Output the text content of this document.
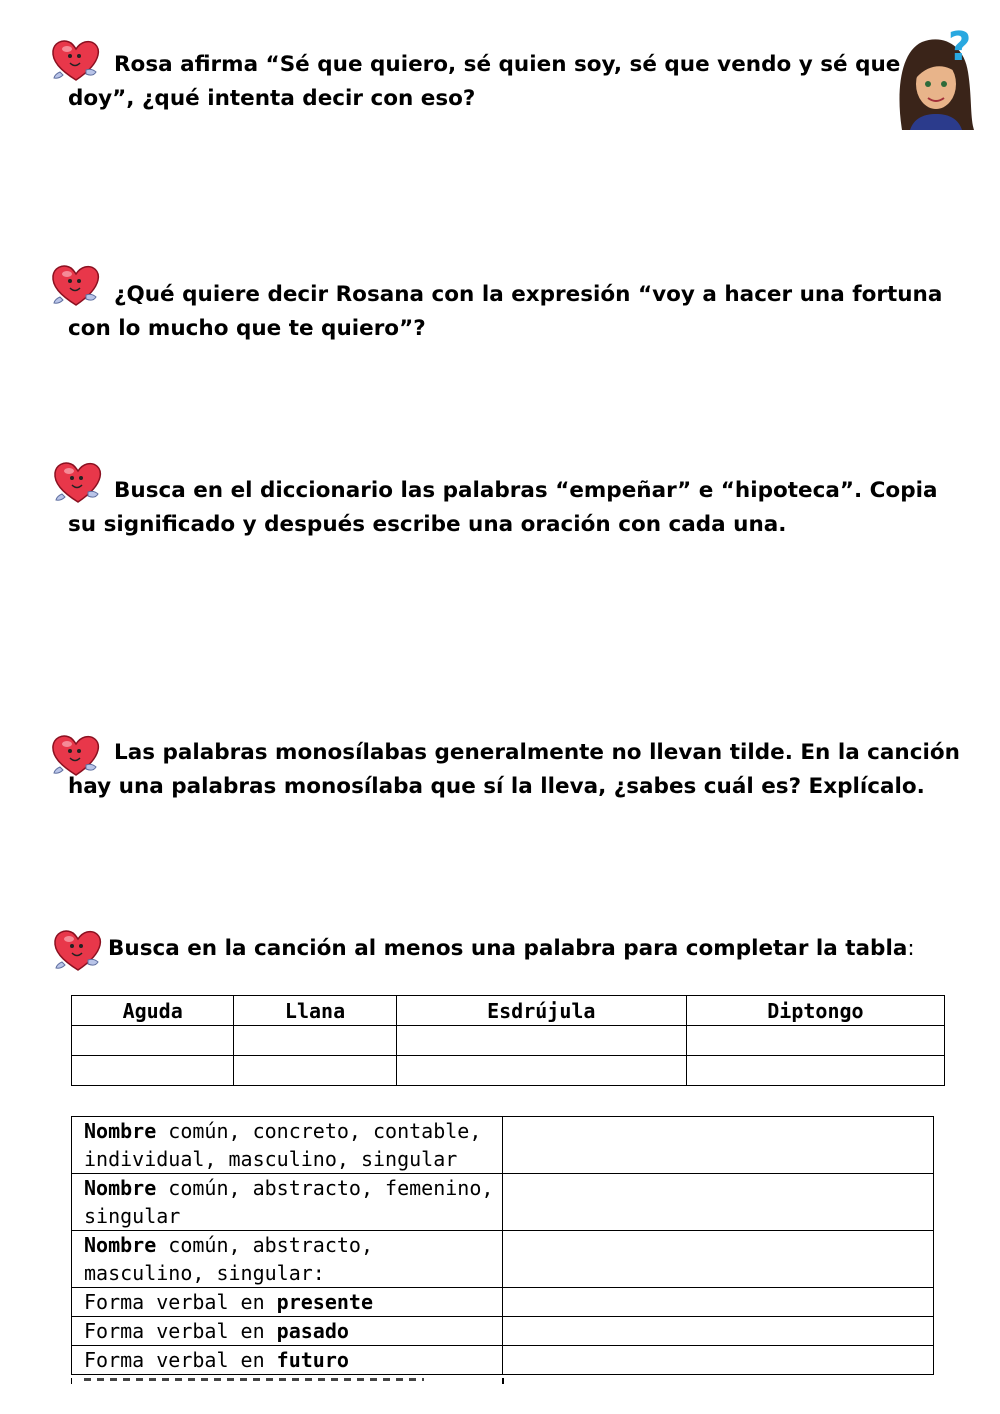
?
Rosa afirma “Sé que quiero, sé quien soy, sé que vendo y sé que doy”, ¿qué intenta decir con eso?
¿Qué quiere decir Rosana con la expresión “voy a hacer una fortuna con lo mucho que te quiero”?
Busca en el diccionario las palabras “empeñar” e “hipoteca”. Copia su significado y después escribe una oración con cada una.
Las palabras monosílabas generalmente no llevan tilde. En la canción hay una palabras monosílaba que sí la lleva, ¿sabes cuál es? Explícalo.
Busca en la canción al menos una palabra para completar la tabla:
Aguda	Llana	Esdrújula	Diptongo

Nombre común, concreto, contable, individual, masculino, singular	
Nombre común, abstracto, femenino, singular	
Nombre común, abstracto, masculino, singular:	
Forma verbal en presente	
Forma verbal en pasado	
Forma verbal en futuro	
